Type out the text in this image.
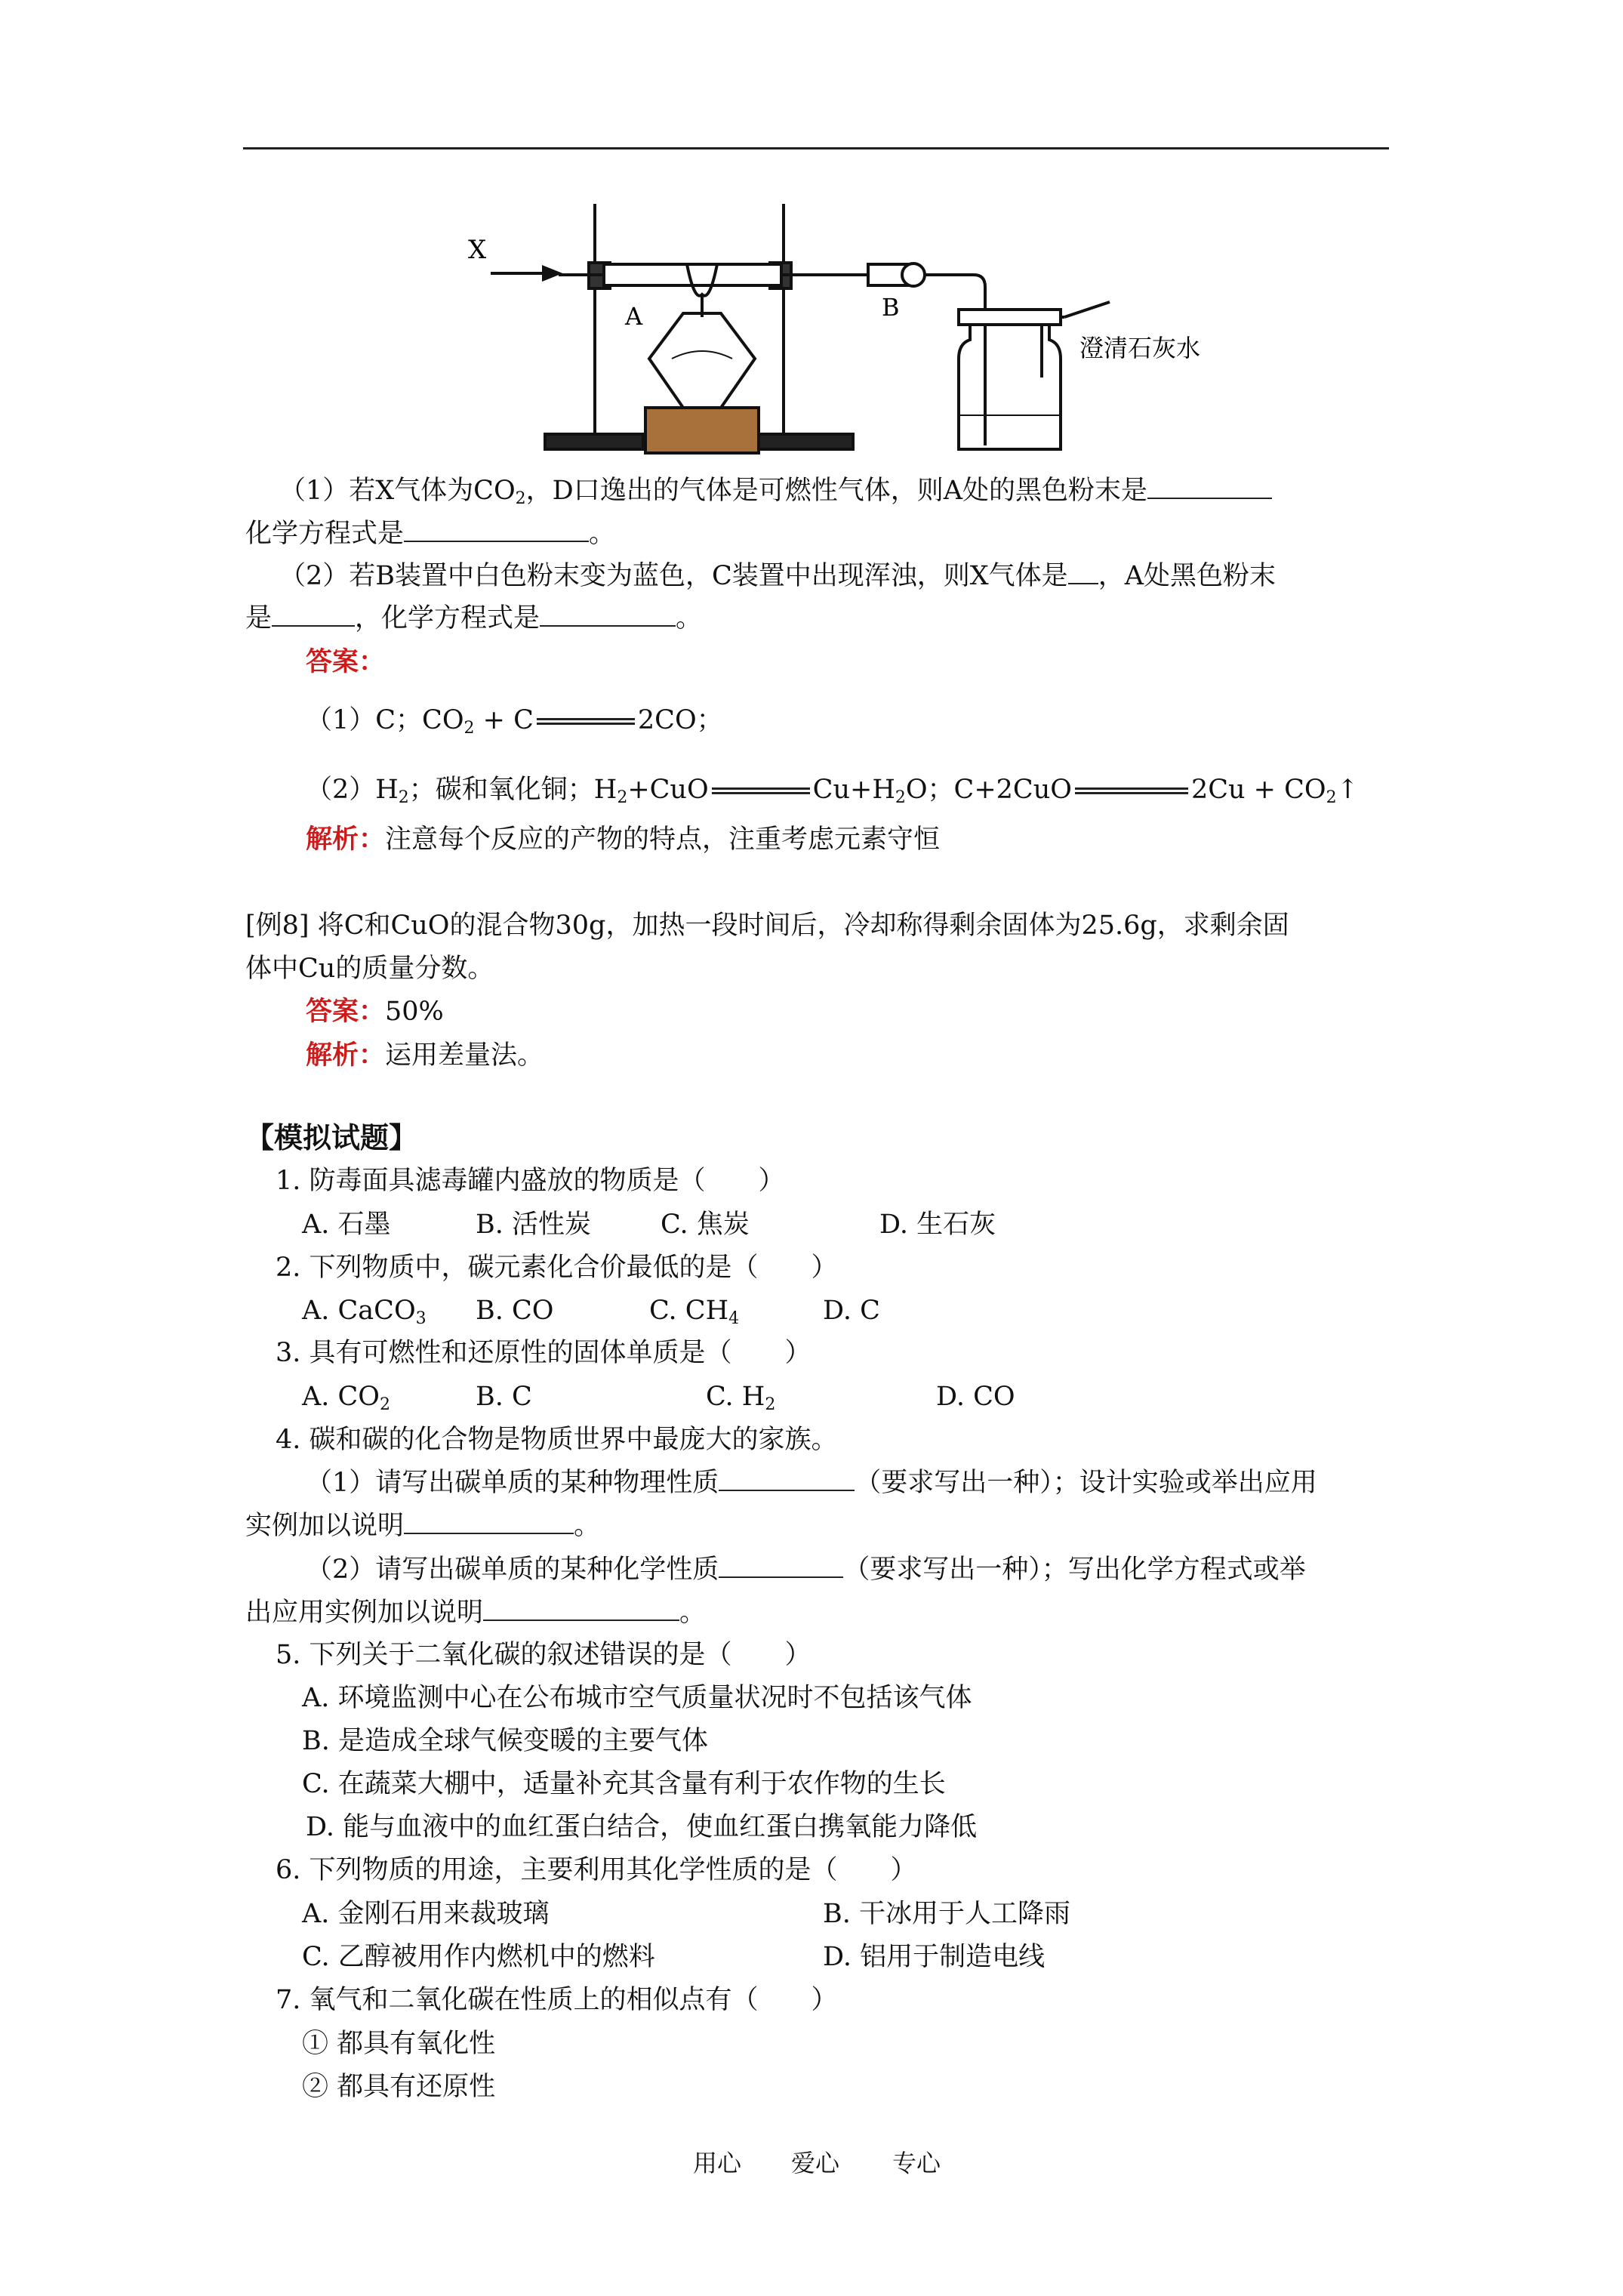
X
A	B
澄清石灰水
（1）若X气体为$CO_2$，D口逸出的气体是可燃性气体，则A处的黑色粉末是
化学方程式是	。
（2）若B装置中白色粉末变为蓝色，C装置中出现浑浊，则X气体是 ，A处黑色粉末
是	，化学方程式是	。
答案：
（1）C；$CO_2 + C$	2CO；
$(2)H_2$；碳和氧化铜；$H_2+CuO$	$Cu+H_2O$；C+2CuO	$2Cu + CO_2↑$
解析：注意每个反应的产物的特点，注重考虑元素守恒
[例8] 将C和CuO的混合物30g，加热一段时间后，冷却称得剩余固体为25.6g，求剩余固
体中Cu的质量分数。
答案：50%
解析：运用差量法。
【模拟试题】
1. 防毒面具滤毒罐内盛放的物质是（　　）
A. 石墨	B. 活性炭	C. 焦炭	D. 生石灰
2. 下列物质中，碳元素化合价最低的是（　　）
A. CaCO$_3$ B. CO	C. $CH_4$	D. C
3. 具有可燃性和还原性的固体单质是（　　）
A. $CO_2$	B. C	C. $H_2$	D. CO
4. 碳和碳的化合物是物质世界中最庞大的家族。
（1）请写出碳单质的某种物理性质	（要求写出一种）；设计实验或举出应用
实例加以说明	。
（2）请写出碳单质的某种化学性质	（要求写出一种）；写出化学方程式或举
出应用实例加以说明	。
5. 下列关于二氧化碳的叙述错误的是（　　）
A. 环境监测中心在公布城市空气质量状况时不包括该气体
B. 是造成全球气候变暖的主要气体
C. 在蔬菜大棚中，适量补充其含量有利于农作物的生长
D. 能与血液中的血红蛋白结合，使血红蛋白携氧能力降低
6. 下列物质的用途，主要利用其化学性质的是（　　）
A. 金刚石用来裁玻璃	B. 干冰用于人工降雨
C. 乙醇被用作内燃机中的燃料	D. 铝用于制造电线
7. 氧气和二氧化碳在性质上的相似点有（　　）
① 都具有氧化性
② 都具有还原性
用心 爱心 专心
